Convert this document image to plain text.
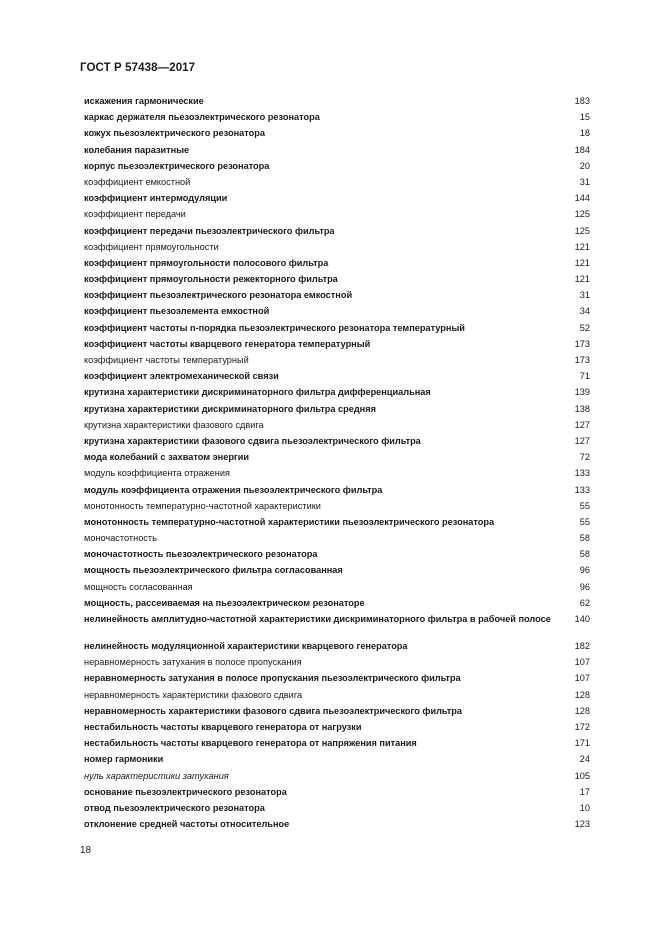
ГОСТ Р 57438—2017
искажения гармонические	183
каркас держателя пьезоэлектрического резонатора	15
кожух пьезоэлектрического резонатора	18
колебания паразитные	184
корпус пьезоэлектрического резонатора	20
коэффициент емкостной	31
коэффициент интермодуляции	144
коэффициент передачи	125
коэффициент передачи пьезоэлектрического фильтра	125
коэффициент прямоугольности	121
коэффициент прямоугольности полосового фильтра	121
коэффициент прямоугольности режекторного фильтра	121
коэффициент пьезоэлектрического резонатора емкостной	31
коэффициент пьезоэлемента емкостной	34
коэффициент частоты n-порядка пьезоэлектрического резонатора температурный	52
коэффициент частоты кварцевого генератора температурный	173
коэффициент частоты температурный	173
коэффициент электромеханической связи	71
крутизна характеристики дискриминаторного фильтра дифференциальная	139
крутизна характеристики дискриминаторного фильтра средняя	138
крутизна характеристики фазового сдвига	127
крутизна характеристики фазового сдвига пьезоэлектрического фильтра	127
мода колебаний с захватом энергии	72
модуль коэффициента отражения	133
модуль коэффициента отражения пьезоэлектрического фильтра	133
монотонность температурно-частотной характеристики	55
монотонность температурно-частотной характеристики пьезоэлектрического резонатора	55
моночастотность	58
моночастотность пьезоэлектрического резонатора	58
мощность пьезоэлектрического фильтра согласованная	96
мощность согласованная	96
мощность, рассеиваемая на пьезоэлектрическом резонаторе	62
нелинейность амплитудно-частотной характеристики дискриминаторного фильтра в рабочей полосе	140
нелинейность модуляционной характеристики кварцевого генератора	182
неравномерность затухания в полосе пропускания	107
неравномерность затухания в полосе пропускания пьезоэлектрического фильтра	107
неравномерность характеристики фазового сдвига	128
неравномерность характеристики фазового сдвига пьезоэлектрического фильтра	128
нестабильность частоты кварцевого генератора от нагрузки	172
нестабильность частоты кварцевого генератора от напряжения питания	171
номер гармоники	24
нуль характеристики затухания	105
основание пьезоэлектрического резонатора	17
отвод пьезоэлектрического резонатора	10
отклонение средней частоты относительное	123
18
